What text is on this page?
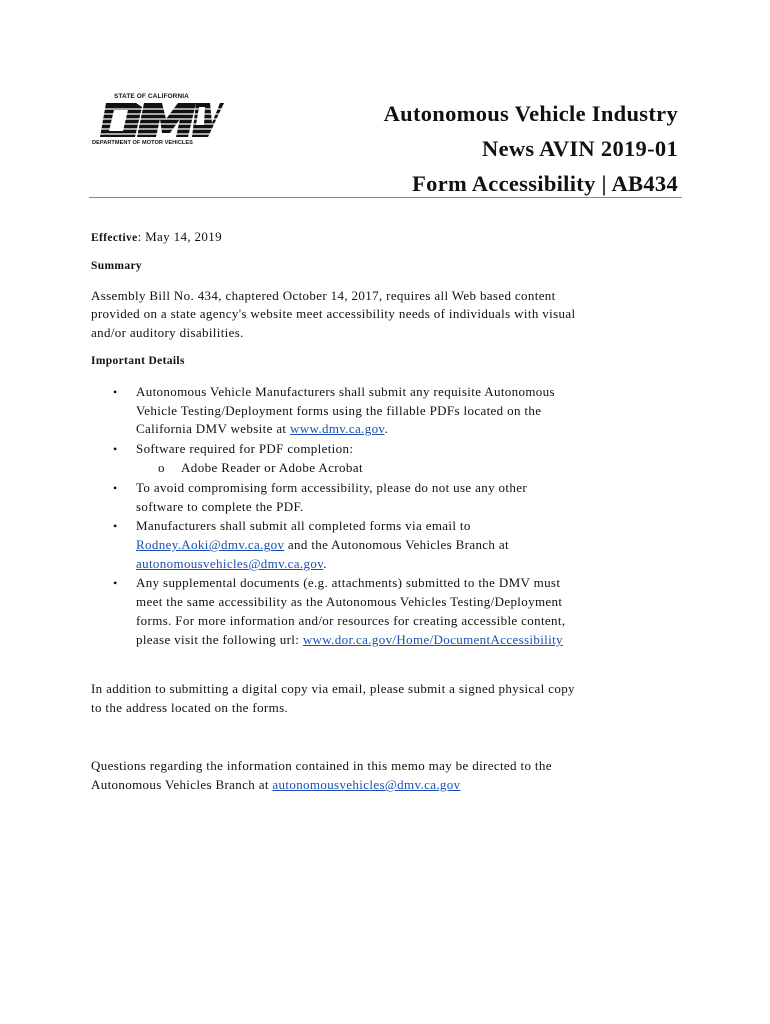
STATE OF CALIFORNIA
DEPARTMENT OF MOTOR VEHICLES
Autonomous Vehicle Industry
News AVIN 2019-01
Form Accessibility | AB434
Effective: May 14, 2019
Summary
Assembly Bill No. 434, chaptered October 14, 2017, requires all Web based content
provided on a state agency's website meet accessibility needs of individuals with visual
and/or auditory disabilities.
Important Details
• Autonomous Vehicle Manufacturers shall submit any requisite Autonomous
Vehicle Testing/Deployment forms using the fillable PDFs located on the
California DMV website at www.dmv.ca.gov.
• Software required for PDF completion:
o Adobe Reader or Adobe Acrobat
• To avoid compromising form accessibility, please do not use any other
software to complete the PDF.
• Manufacturers shall submit all completed forms via email to
Rodney.Aoki@dmv.ca.gov and the Autonomous Vehicles Branch at
autonomousvehicles@dmv.ca.gov.
• Any supplemental documents (e.g. attachments) submitted to the DMV must
meet the same accessibility as the Autonomous Vehicles Testing/Deployment
forms. For more information and/or resources for creating accessible content,
please visit the following url: www.dor.ca.gov/Home/DocumentAccessibility
In addition to submitting a digital copy via email, please submit a signed physical copy
to the address located on the forms.
Questions regarding the information contained in this memo may be directed to the
Autonomous Vehicles Branch at autonomousvehicles@dmv.ca.gov
